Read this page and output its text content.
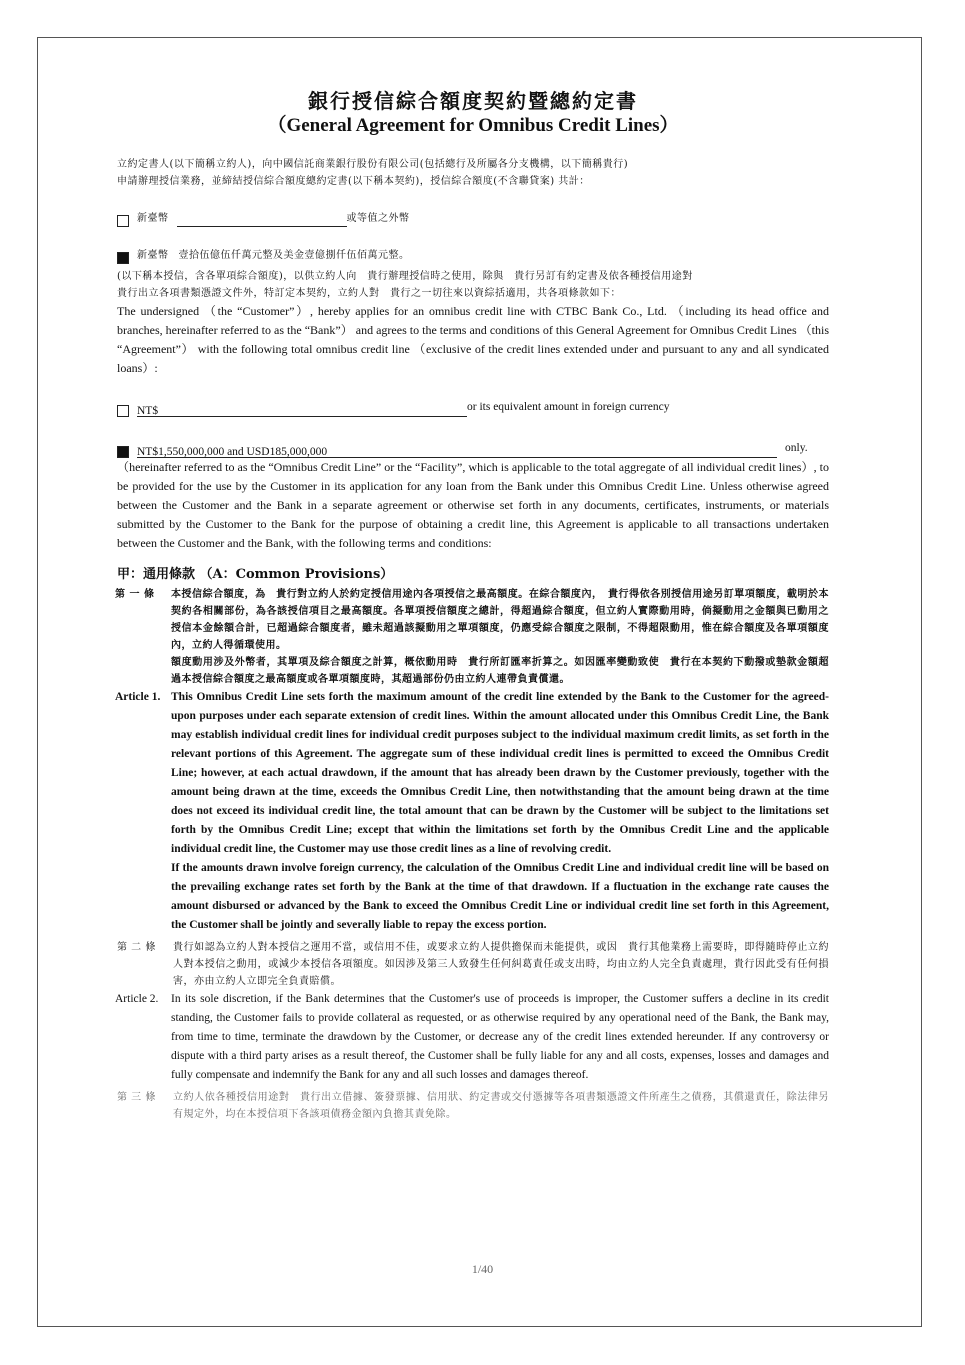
銀行授信綜合額度契約暨總約定書

（General Agreement for Omnibus Credit Lines）

立約定書人(以下簡稱立約人)，向中國信託商業銀行股份有限公司(包括總行及所屬各分支機構，以下簡稱貴行)

申請辦理授信業務，並締結授信綜合額度總約定書(以下稱本契約)，授信綜合額度(不含聯貸案) 共計：

新臺幣	或等值之外幣
新臺幣 壹拾伍億伍仟萬元整及美金壹億捌仟伍佰萬元整。

(以下稱本授信，含各單項綜合額度)，以供立約人向　貴行辦理授信時之使用，除與　貴行另訂有約定書及依各種授信用途對

貴行出立各項書類憑證文件外，特訂定本契約，立約人對　貴行之一切往來以資綜括適用，共各項條款如下：

The undersigned （the “Customer”）, hereby applies for an omnibus credit line with CTBC Bank Co., Ltd. （including its head office and branches, hereinafter referred to as the “Bank”） and agrees to the terms and conditions of this General Agreement for Omnibus Credit Lines （this “Agreement”） with the following total omnibus credit line （exclusive of the credit lines extended under and pursuant to any and all syndicated loans）:

NT$	or its equivalent amount in foreign currency
NT$1,550,000,000 and USD185,000,000	only.

（hereinafter referred to as the “Omnibus Credit Line” or the “Facility”, which is applicable to the total aggregate of all individual credit lines）, to be provided for the use by the Customer in its application for any loan from the Bank under this Omnibus Credit Line. Unless otherwise agreed between the Customer and the Bank in a separate agreement or otherwise set forth in any documents, certificates, instruments, or materials submitted by the Customer to the Bank for the purpose of obtaining a credit line, this Agreement is applicable to all transactions undertaken between the Customer and the Bank, with the following terms and conditions:

甲：通用條款 （A：Common Provisions）

第 一 條	本授信綜合額度，為　貴行對立約人於約定授信用途內各項授信之最高額度。在綜合額度內，　貴行得依各別授信用途另訂單項額度，載明於本契約各相關部份，為各該授信項目之最高額度。各單項授信額度之總計，得超過綜合額度，但立約人實際動用時，倘擬動用之金額與已動用之授信本金餘額合計，已超過綜合額度者，雖未超過該擬動用之單項額度，仍應受綜合額度之限制，不得超限動用，惟在綜合額度及各單項額度內，立約人得循環使用。

額度動用涉及外幣者，其單項及綜合額度之計算，概依動用時　貴行所訂匯率折算之。如因匯率變動致使　貴行在本契約下動撥或墊款金額超過本授信綜合額度之最高額度或各單項額度時，其超過部份仍由立約人連帶負責償還。

Article 1. This Omnibus Credit Line sets forth the maximum amount of the credit line extended by the Bank to the Customer for the agreed-upon purposes under each separate extension of credit lines. Within the amount allocated under this Omnibus Credit Line, the Bank may establish individual credit lines for individual credit purposes subject to the individual maximum credit limits, as set forth in the relevant portions of this Agreement. The aggregate sum of these individual credit lines is permitted to exceed the Omnibus Credit Line; however, at each actual drawdown, if the amount that has already been drawn by the Customer previously, together with the amount being drawn at the time, exceeds the Omnibus Credit Line, then notwithstanding that the amount being drawn at the time does not exceed its individual credit line, the total amount that can be drawn by the Customer will be subject to the limitations set forth by the Omnibus Credit Line; except that within the limitations set forth by the Omnibus Credit Line and the applicable individual credit line, the Customer may use those credit lines as a line of revolving credit.

If the amounts drawn involve foreign currency, the calculation of the Omnibus Credit Line and individual credit line will be based on the prevailing exchange rates set forth by the Bank at the time of that drawdown. If a fluctuation in the exchange rate causes the amount disbursed or advanced by the Bank to exceed the Omnibus Credit Line or individual credit line set forth in this Agreement, the Customer shall be jointly and severally liable to repay the excess portion.

第 二 條	貴行如認為立約人對本授信之運用不當，或信用不佳，或要求立約人提供擔保而未能提供，或因　貴行其他業務上需要時，即得隨時停止立約人對本授信之動用，或減少本授信各項額度。如因涉及第三人致發生任何糾葛責任或支出時，均由立約人完全負責處理，貴行因此受有任何損害，亦由立約人立即完全負責賠償。

Article 2.	In its sole discretion, if the Bank determines that the Customer's use of proceeds is improper, the Customer suffers a decline in its credit standing, the Customer fails to provide collateral as requested, or as otherwise required by any operational need of the Bank, the Bank may, from time to time, terminate the drawdown by the Customer, or decrease any of the credit lines extended hereunder. If any controversy or dispute with a third party arises as a result thereof, the Customer shall be fully liable for any and all costs, expenses, losses and damages and fully compensate and indemnify the Bank for any and all such losses and damages thereof.

第 三 條	立約人依各種授信用途對　貴行出立借據、簽發票據、信用狀、約定書或交付憑據等各項書類憑證文件所產生之債務，其償還責任，除法律另有規定外，均在本授信項下各該項債務金額內負擔其責免除。

1/40
